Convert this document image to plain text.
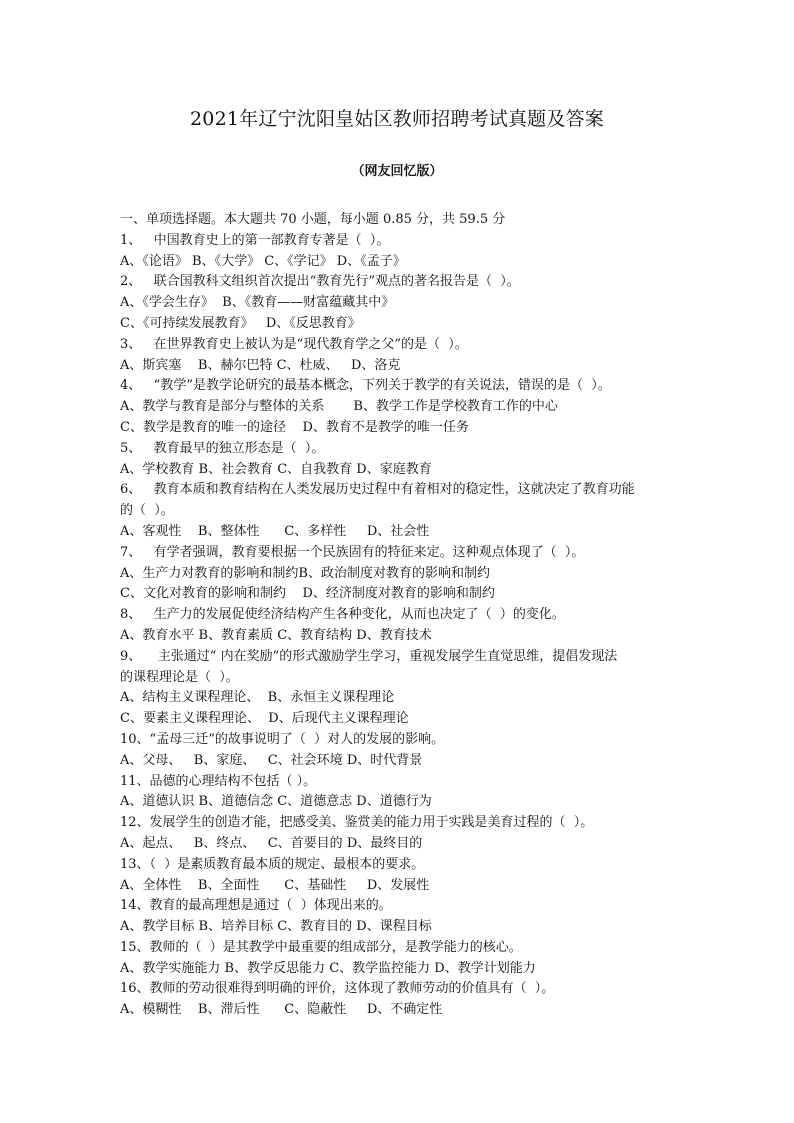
2021年辽宁沈阳皇姑区教师招聘考试真题及答案
（网友回忆版）
一、单项选择题。本大题共 70 小题，每小题 0.85 分，共 59.5 分
1、   中国教育史上的第一部教育专著是（  ）。
A、《论语》 B、《大学》 C、《学记》 D、《孟子》
2、   联合国教科文组织首次提出“教育先行”观点的著名报告是（  ）。
A、《学会生存》  B、《教育——财富蕴藏其中》
C、《可持续发展教育》   D、《反思教育》
3、   在世界教育史上被认为是“现代教育学之父”的是（  ）。
A、斯宾塞    B、赫尔巴特 C、杜威、   D、洛克
4、   “教学”是教学论研究的最基本概念，下列关于教学的有关说法，错误的是（  ）。
A、教学与教育是部分与整体的关系       B、教学工作是学校教育工作的中心
C、教学是教育的唯一的途径    D、教育不是教学的唯一任务
5、   教育最早的独立形态是（  ）。
A、学校教育 B、社会教育 C、自我教育 D、家庭教育
6、   教育本质和教育结构在人类发展历史过程中有着相对的稳定性，这就决定了教育功能
的（  ）。
A、客观性    B、整体性      C、多样性     D、社会性
7、   有学者强调，教育要根据一个民族固有的特征来定。这种观点体现了（  ）。
A、生产力对教育的影响和制约B、政治制度对教育的影响和制约
C、文化对教育的影响和制约    D、经济制度对教育的影响和制约
8、   生产力的发展促使经济结构产生各种变化，从而也决定了（  ）的变化。
A、教育水平 B、教育素质 C、教育结构 D、教育技术
9、    主张通过“ 内在奖励”的形式激励学生学习，重视发展学生直觉思维，提倡发现法
的课程理论是（  ）。
A、结构主义课程理论、  B、永恒主义课程理论
C、要素主义课程理论、  D、后现代主义课程理论
10、“孟母三迁”的故事说明了（  ）对人的发展的影响。
A、父母、   B、家庭、   C、社会环境 D、时代背景
11、品德的心理结构不包括（ ）。
A、道德认识 B、道德信念 C、道德意志 D、道德行为
12、发展学生的创造才能，把感受美、鉴赏美的能力用于实践是美育过程的（  ）。
A、起点、   B、终点、   C、首要目的 D、最终目的
13、（  ）是素质教育最本质的规定、最根本的要求。
A、全体性    B、全面性      C、基础性     D、发展性
14、教育的最高理想是通过（  ）体现出来的。
A、教学目标 B、培养目标 C、教育目的 D、课程目标
15、教师的（  ）是其教学中最重要的组成部分，是教学能力的核心。
A、教学实施能力 B、教学反思能力 C、教学监控能力 D、教学计划能力
16、教师的劳动很难得到明确的评价，这体现了教师劳动的价值具有（  ）。
A、模糊性    B、滞后性      C、隐蔽性     D、不确定性
